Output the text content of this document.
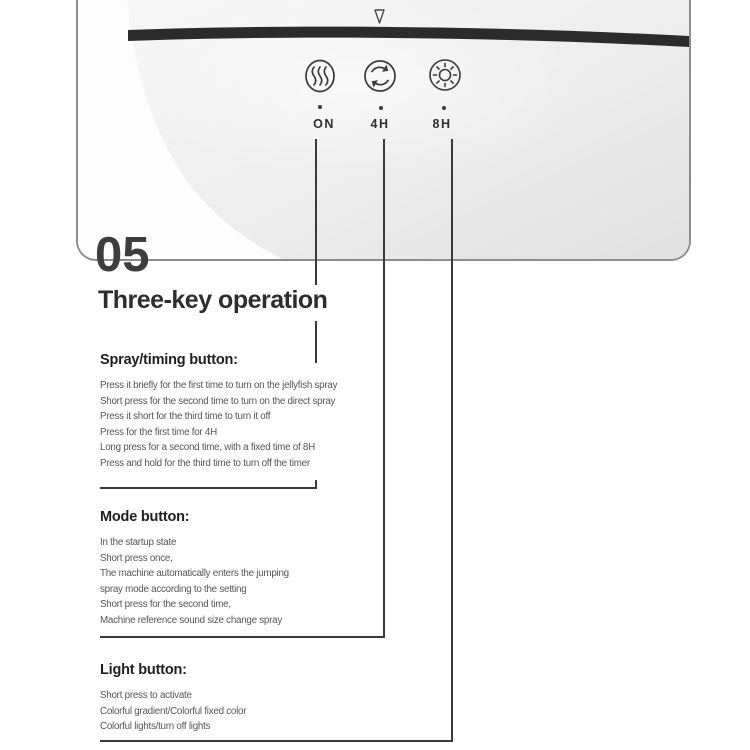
ON	4H	8H
05
Three-key operation
Spray/timing button:

Press it briefly for the first time to turn on the jellyfish spray

Short press for the second time to turn on the direct spray

Press it short for the third time to turn it off

Press for the first time for 4H

Long press for a second time, with a fixed time of 8H

Press and hold for the third time to turn off the timer

Mode button:

In the startup state

Short press once,

The machine automatically enters the jumping

spray mode according to the setting

Short press for the second time,

Machine reference sound size change spray

Light button:

Short press to activate

Colorful gradient/Colorful fixed color

Colorful lights/turn off lights
